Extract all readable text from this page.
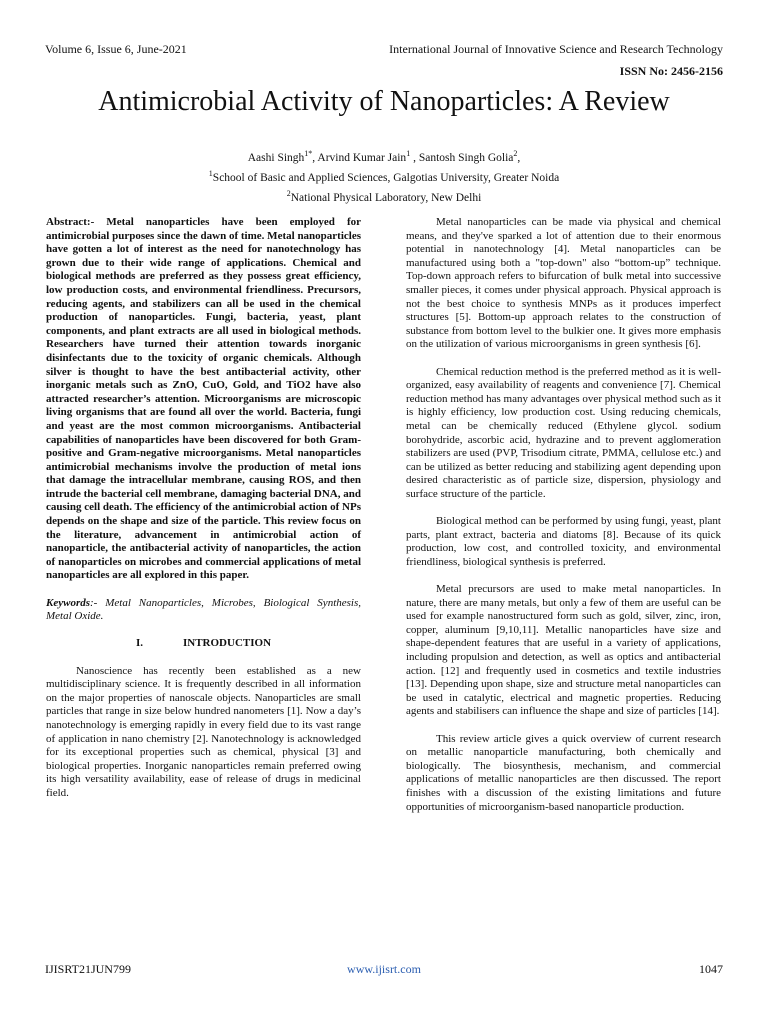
Volume 6, Issue 6, June-2021	International Journal of Innovative Science and Research Technology
ISSN No: 2456-2156
Antimicrobial Activity of Nanoparticles: A Review
Aashi Singh$^{1*}$, Arvind Kumar Jain$^1$ , Santosh Singh Golia$^2$,
$^1$School of Basic and Applied Sciences, Galgotias University, Greater Noida
$^2$National Physical Laboratory, New Delhi

Abstract:- Metal nanoparticles have been employed for antimicrobial purposes since the dawn of time. Metal nanoparticles have gotten a lot of interest as the need for nanotechnology has grown due to their wide range of applications. Chemical and biological methods are preferred as they possess great efficiency, low production costs, and environmental friendliness. Precursors, reducing agents, and stabilizers can all be used in the chemical production of nanoparticles. Fungi, bacteria, yeast, plant components, and plant extracts are all used in biological methods. Researchers have turned their attention towards inorganic disinfectants due to the toxicity of organic chemicals. Although silver is thought to have the best antibacterial activity, other inorganic metals such as ZnO, CuO, Gold, and TiO2 have also attracted researcher’s attention. Microorganisms are microscopic living organisms that are found all over the world. Bacteria, fungi and yeast are the most common microorganisms. Antibacterial capabilities of nanoparticles have been discovered for both Gram-positive and Gram-negative microorganisms. Metal nanoparticles antimicrobial mechanisms involve the production of metal ions that damage the intracellular membrane, causing ROS, and then intrude the bacterial cell membrane, damaging bacterial DNA, and causing cell death. The efficiency of the antimicrobial action of NPs depends on the shape and size of the particle. This review focus on the literature, advancement in antimicrobial action of nanoparticle, the antibacterial activity of nanoparticles, the action of nanoparticles on microbes and commercial applications of metal nanoparticles are all explored in this paper.

Keywords:- Metal Nanoparticles, Microbes, Biological Synthesis, Metal Oxide.

I.	INTRODUCTION

Nanoscience has recently been established as a new multidisciplinary science. It is frequently described in all information on the major properties of nanoscale objects. Nanoparticles are small particles that range in size below hundred nanometers [1]. Now a day’s nanotechnology is emerging rapidly in every field due to its vast range of application in nano chemistry [2]. Nanotechnology is acknowledged for its exceptional properties such as chemical, physical [3] and biological properties. Inorganic nanoparticles remain preferred owing its high versatility availability, ease of release of drugs in medicinal field.

Metal nanoparticles can be made via physical and chemical means, and they've sparked a lot of attention due to their enormous potential in nanotechnology [4]. Metal nanoparticles can be manufactured using both a "top-down" also “bottom-up” technique. Top-down approach refers to bifurcation of bulk metal into successive smaller pieces, it comes under physical approach. Physical approach is not the best choice to synthesis MNPs as it produces imperfect structures [5]. Bottom-up approach relates to the construction of substance from bottom level to the bulkier one. It gives more emphasis on the utilization of various microorganisms in green synthesis [6].

Chemical reduction method is the preferred method as it is well-organized, easy availability of reagents and convenience [7]. Chemical reduction method has many advantages over physical method such as it is highly efficiency, low production cost. Using reducing chemicals, metal can be chemically reduced (Ethylene glycol. sodium borohydride, ascorbic acid, hydrazine and to prevent agglomeration stabilizers are used (PVP, Trisodium citrate, PMMA, cellulose etc.) and can be utilized as better reducing and stabilizing agent depending upon desired characteristic as of particle size, dispersion, physiology and surface structure of the particle.

Biological method can be performed by using fungi, yeast, plant parts, plant extract, bacteria and diatoms [8]. Because of its quick production, low cost, and controlled toxicity, and environmental friendliness, biological synthesis is preferred.

Metal precursors are used to make metal nanoparticles. In nature, there are many metals, but only a few of them are useful can be used for example nanostructured form such as gold, silver, zinc, iron, copper, aluminum [9,10,11]. Metallic nanoparticles have size and shape-dependent features that are useful in a variety of applications, including propulsion and detection, as well as optics and antibacterial action. [12] and frequently used in cosmetics and textile industries [13]. Depending upon shape, size and structure metal nanoparticles can be used in catalytic, electrical and magnetic properties. Reducing agents and stabilisers can influence the shape and size of particles [14].

This review article gives a quick overview of current research on metallic nanoparticle manufacturing, both chemically and biologically. The biosynthesis, mechanism, and commercial applications of metallic nanoparticles are then discussed. The report finishes with a discussion of the existing limitations and future opportunities of microorganism-based nanoparticle production.

IJISRT21JUN799	www.ijisrt.com	1047
